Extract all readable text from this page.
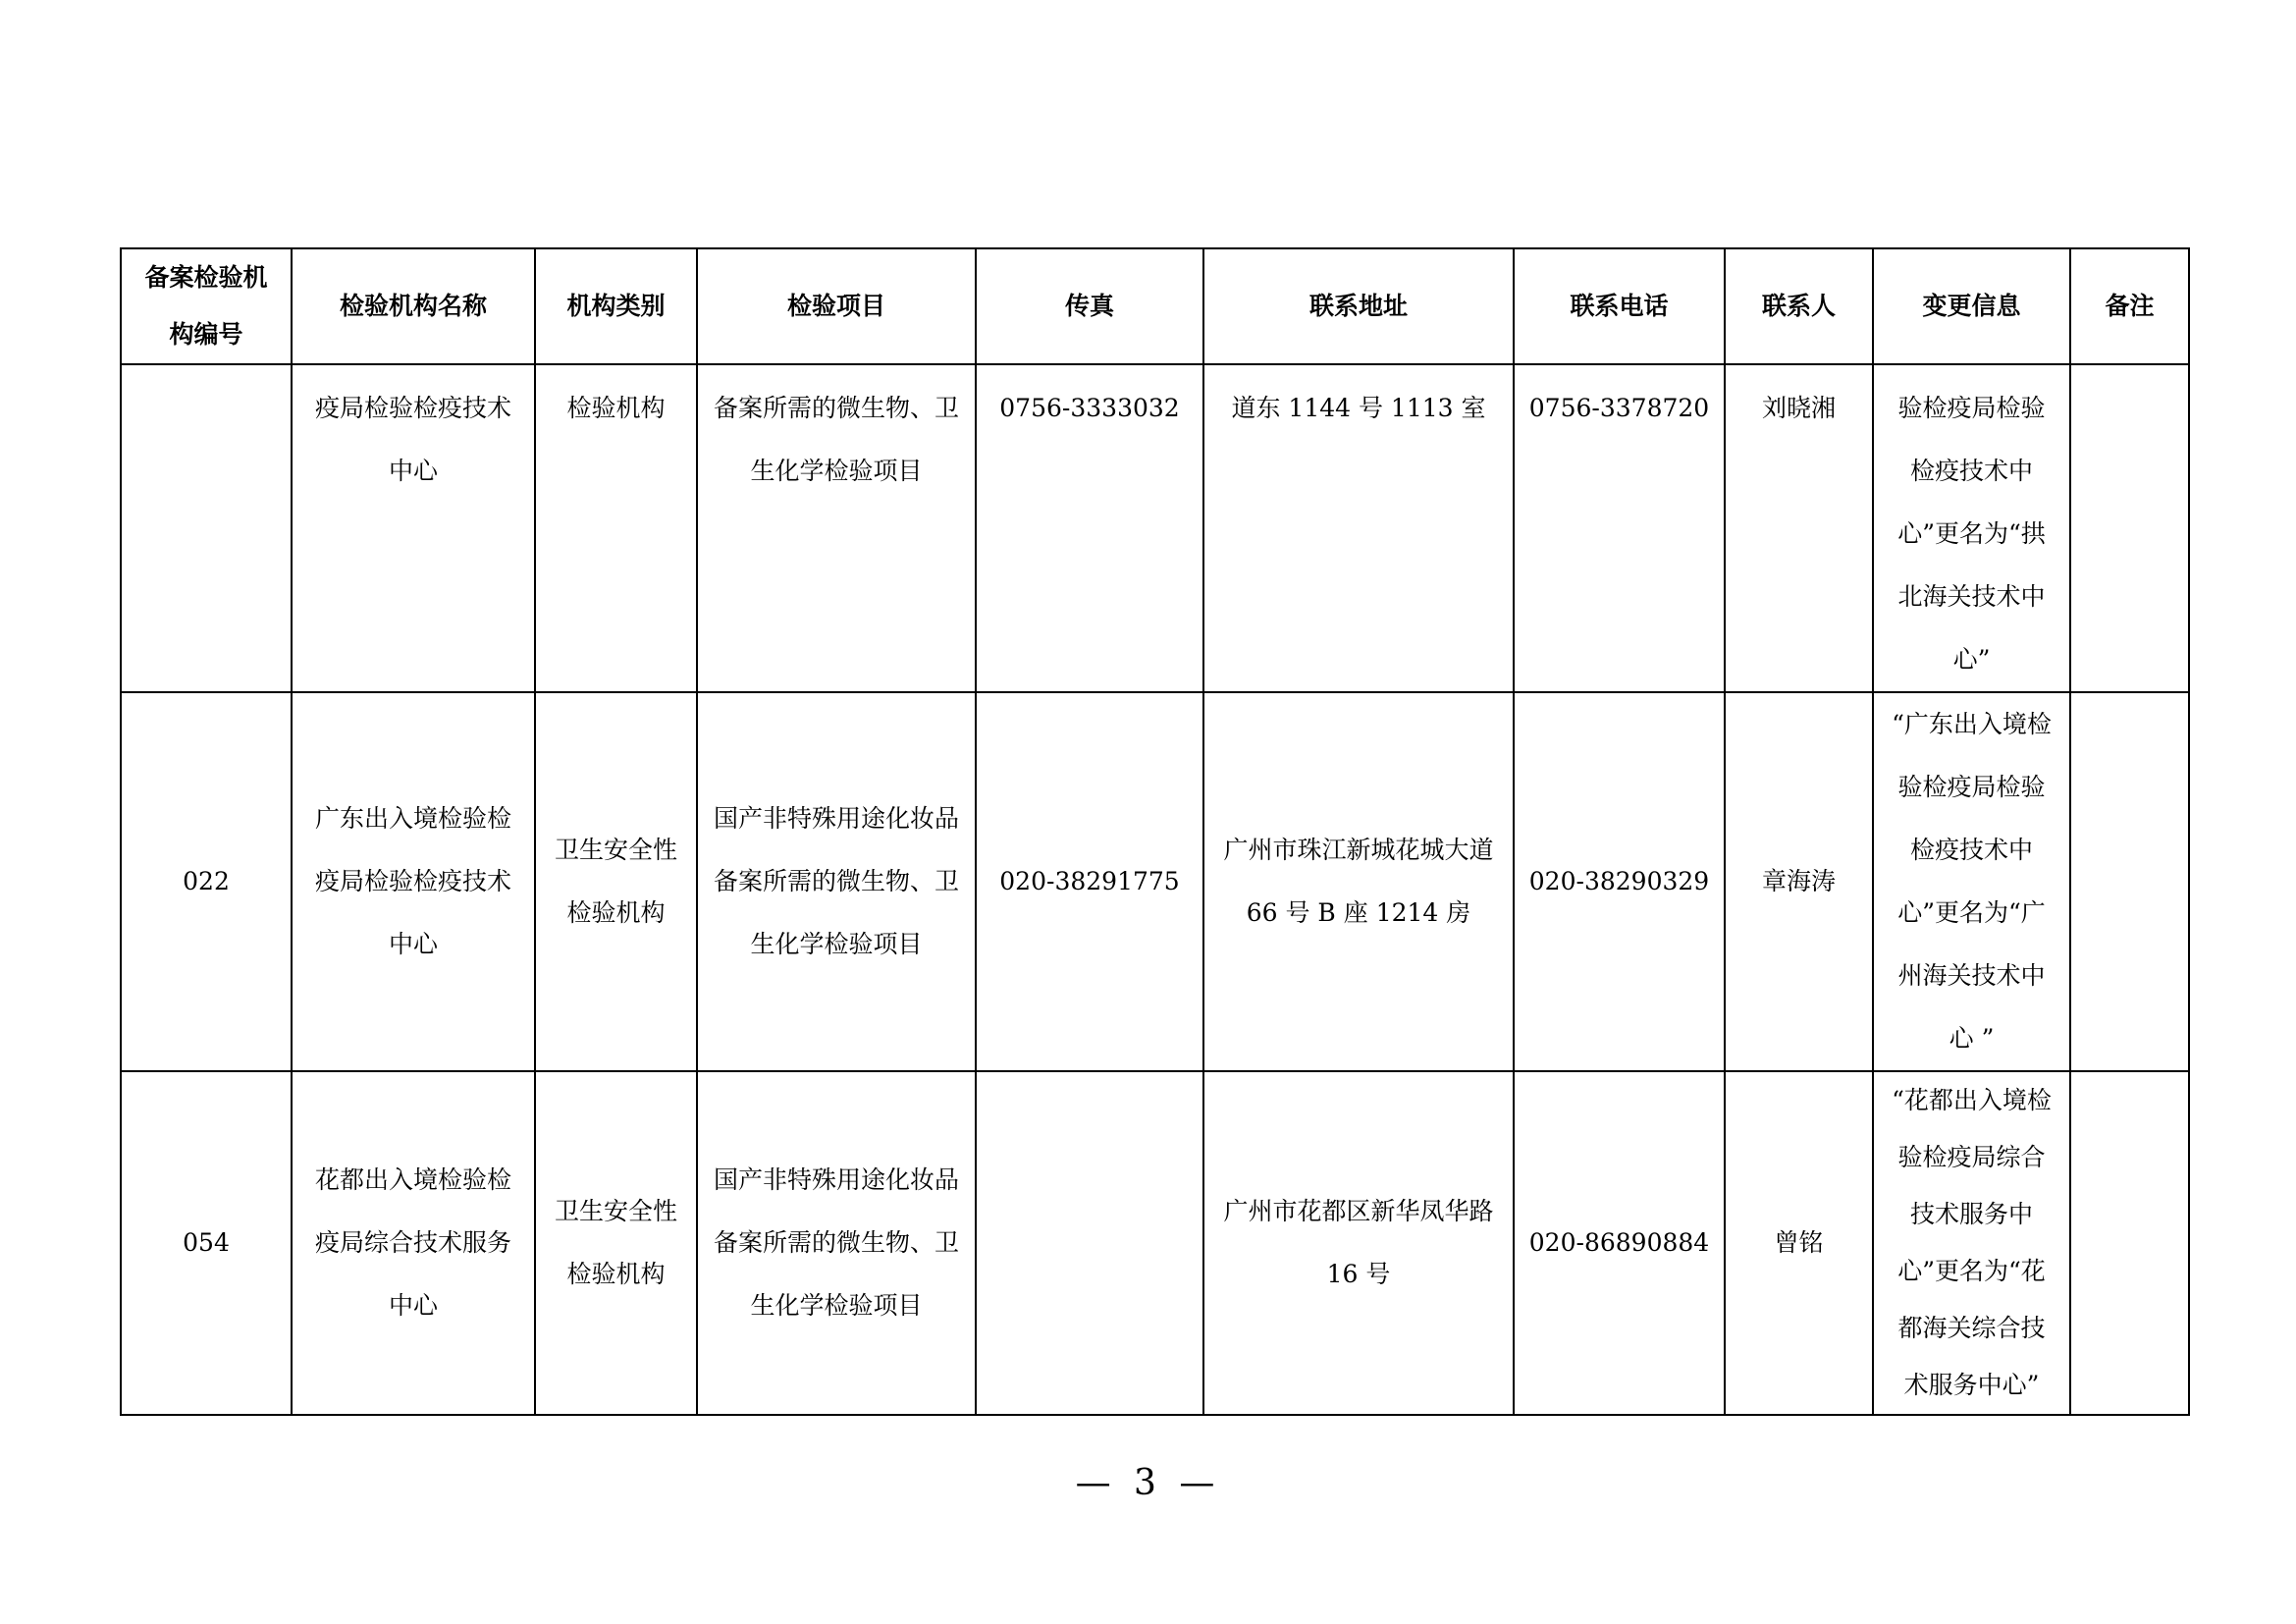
备案检验机构编号	检验机构名称	机构类别	检验项目	传真	联系地址	联系电话	联系人	变更信息	备注
	疫局检验检疫技术中心	检验机构	备案所需的微生物、卫生化学检验项目	0756-3333032	道东 1144 号 1113 室	0756-3378720	刘晓湘	验检疫局检验检疫技术中心”更名为“拱北海关技术中心”	
022	广东出入境检验检疫局检验检疫技术中心	卫生安全性检验机构	国产非特殊用途化妆品备案所需的微生物、卫生化学检验项目	020-38291775	广州市珠江新城花城大道 66 号 B 座 1214 房	020-38290329	章海涛	“广东出入境检验检疫局检验检疫技术中心”更名为“广州海关技术中心 ”	
054	花都出入境检验检疫局综合技术服务中心	卫生安全性检验机构	国产非特殊用途化妆品备案所需的微生物、卫生化学检验项目		广州市花都区新华凤华路 16 号	020-86890884	曾铭	“花都出入境检验检疫局综合技术服务中心”更名为“花都海关综合技术服务中心”	
— 3 —
